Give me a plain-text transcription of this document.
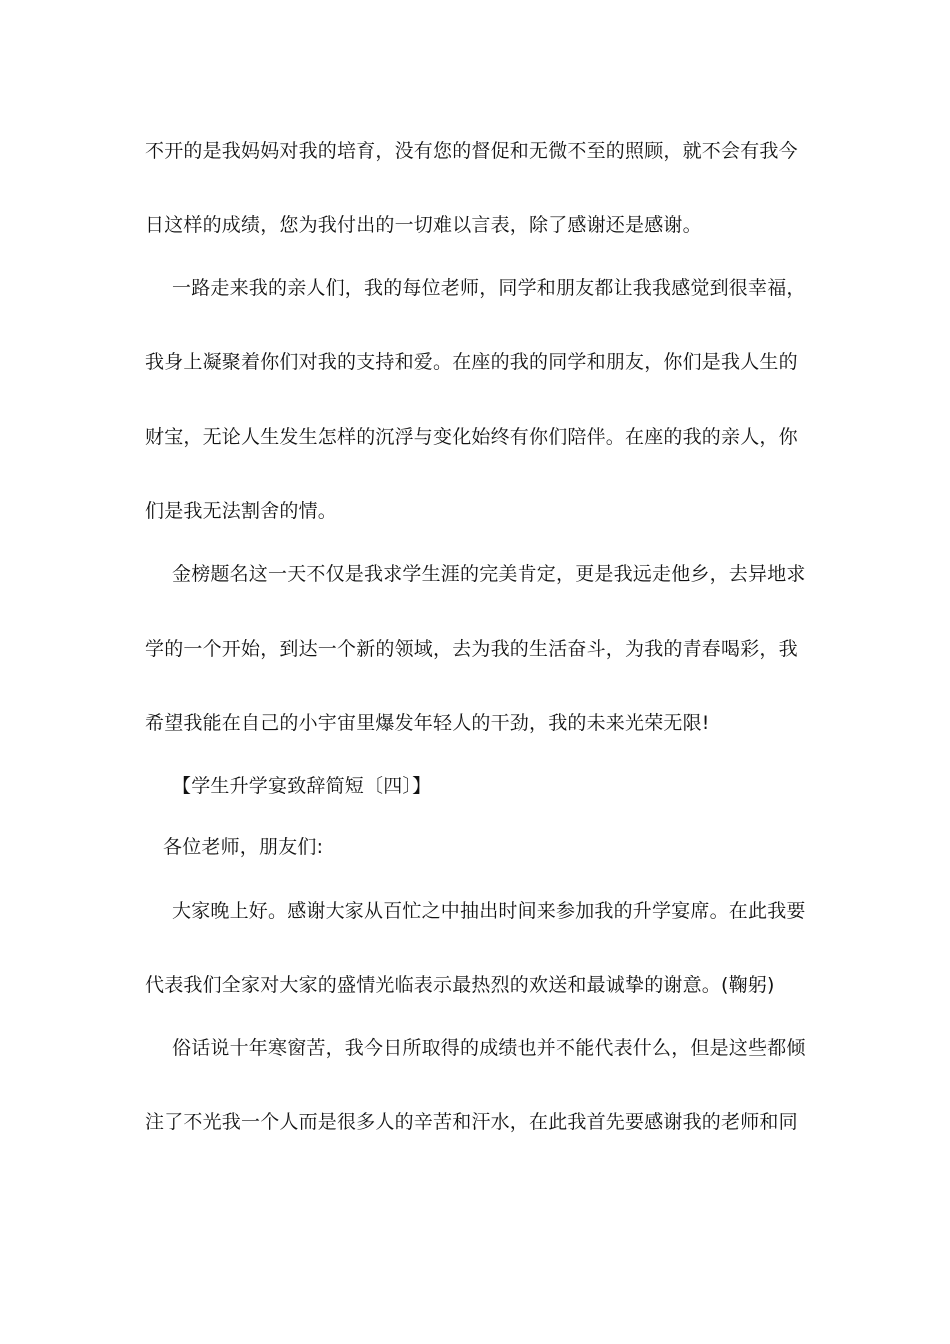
不开的是我妈妈对我的培育，没有您的督促和无微不至的照顾，就不会有我今
日这样的成绩，您为我付出的一切难以言表，除了感谢还是感谢。
一路走来我的亲人们，我的每位老师，同学和朋友都让我我感觉到很幸福，
我身上凝聚着你们对我的支持和爱。在座的我的同学和朋友，你们是我人生的
财宝，无论人生发生怎样的沉浮与变化始终有你们陪伴。在座的我的亲人，你
们是我无法割舍的情。
金榜题名这一天不仅是我求学生涯的完美肯定，更是我远走他乡，去异地求
学的一个开始，到达一个新的领域，去为我的生活奋斗，为我的青春喝彩，我
希望我能在自己的小宇宙里爆发年轻人的干劲，我的未来光荣无限!
【学生升学宴致辞简短〔四〕】
各位老师，朋友们:
大家晚上好。感谢大家从百忙之中抽出时间来参加我的升学宴席。在此我要
代表我们全家对大家的盛情光临表示最热烈的欢送和最诚挚的谢意。(鞠躬)
俗话说十年寒窗苦，我今日所取得的成绩也并不能代表什么，但是这些都倾
注了不光我一个人而是很多人的辛苦和汗水，在此我首先要感谢我的老师和同
